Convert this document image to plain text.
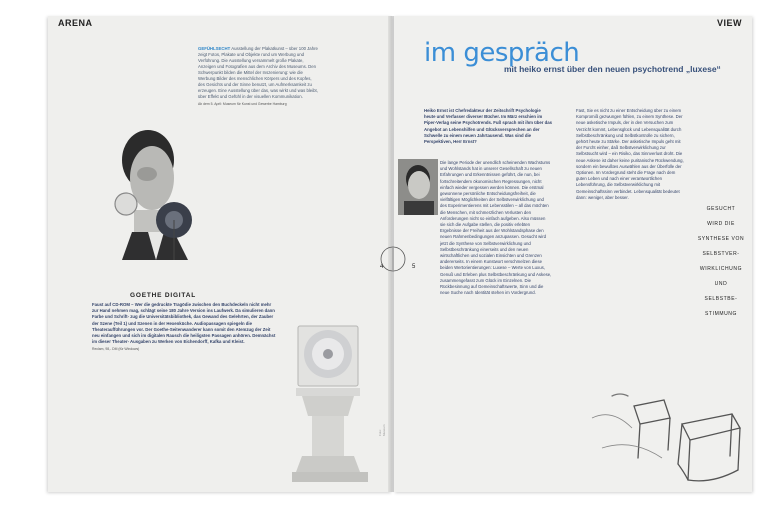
ARENA
GEFÜHLSECHT Ausstellung der Plakatkunst – über 100 Jahre zeigt Fotos, Plakate und Objekte rund um Werbung und Verführung. Die Ausstellung versammelt große Plakate, Anzeigen und Fotografien aus dem Archiv des Museums. Den Schwerpunkt bilden die Mittel der Inszenierung: wie die Werbung Bilder des menschlichen Körpers und des Kopfes, des Gesichts und der Sinne benutzt, um Aufmerksamkeit zu erzeugen. Eine Ausstellung über das, was wirkt und was bleibt, über Effekt und Gefühl in der visuellen Kommunikation.
Ab dem 5. April: Museum für Kunst und Gewerbe Hamburg
GOETHE DIGITAL
Faust auf CD-ROM – Wer die gedruckte Tragödie zwischen den Buchdeckeln nicht mehr zur Hand nehmen mag, schlägt seine 180 Jahre Version ins Laufwerk. Da simulieren dann Farbe und Schrift- zug die Universitätsbibliothek, das Gewand des Gelehrten, der Zauber der Szene (Teil 1) und Szenen in der Hexenküche. Audiopassagen spiegeln die Theateraufführungen vor. Der Goethe-Seitenwanderer kann somit den Atemzug der Zeit neu einfangen und sich im digitalen Rausch die heiligsten Passagen anhören. Demnächst im dieser Theater- Ausgaben zu Werken von Eichendorff, Kafka und Kleist.
Reclam, 98,- DM (für Windows)
Foto: Museum
4
VIEW
im gespräch
mit heiko ernst über den neuen psychotrend „luxese“
Heiko Ernst ist Chefredakteur der Zeitschrift Psychologie heute und Verfasser diverser Bücher. Im März erschien im Piper-Verlag seine Psychotrends. Fuß sprach mit ihm über das Angebot an Lebenshilfen und Glücksversprechen an der Schwelle zu einem neuen Jahrtausend. Was sind die Perspektiven, Herr Ernst?
Die lange Periode der unendlich scheinenden Wachstums und Wohlstands hat in unserer Gesellschaft zu neuen Erfahrungen und Erkenntnissen geführt, die nun, bei fortschreitendem ökonomischen Regressungen, nicht einfach wieder vergessen werden können. Die erstmal gewonnene persönliche Entscheidungsfreiheit, die vielfältigen Möglichkeiten der Selbstverwirklichung und des Experimentierens mit Lebensstilen – all das möchten die Menschen, mit schmerzlichen Verlusten den Anforderungen nicht so einfach aufgeben. Also müssen sie sich die Aufgabe stellen, die positiv erlebten Ergebnisse der Freiheit aus der Wohlstandsphase den neuen Rahmenbedingungen anzupassen. Gesucht wird jetzt die Synthese von Selbstverwirklichung und Selbstbeschränkung einerseits und den neuen wirtschaftlichen und sozialen Einsichten und Grenzen andererseits. In einem Kunstwort verschmelzen diese beiden Wertorientierungen: Luxese – Werte von Luxus, Genuß und Erleben plus Selbstbeschränkung und Askese, zusammengefasst zum Glück im Einzelnen. Die Rückbesinnung auf Gemeinschaftswerte, Sinn und die neue Suche nach Identität stehen im Vordergrund.
Fast, Sie es nicht zu einer Entscheidung über zu einem Kompromiß gezwungen fühlen, zu einem Synthese. Der neue asketische Impuls, der in den Versuchen zum Verzicht kommt, Lebensglück und Lebensqualität durch Selbstbeschränkung und Selbstkontrolle zu sichern, gehört heute zu Stärke. Der asketische Impuls geht mit der Furcht einher, daß Selbstverwirklichung zur Selbstsucht wird – ein Risiko, das Sinnverlust droht. Die neue Askese ist daher keine puritanische Rückwendung, sondern ein bewußtes Auswählen aus der Überfülle der Optionen. Im Vordergrund steht die Frage nach dem guten Leben und nach einer verantwortlichen Lebensführung, die Selbstverwirklichung mit Gemeinschaftssinn verbindet. Lebensqualität bedeutet dann: weniger, aber besser.
GESUCHT
WIRD DIE
SYNTHESE VON
SELBSTVER-
WIRKLICHUNG
UND
SELBSTBE-
STIMMUNG
5
